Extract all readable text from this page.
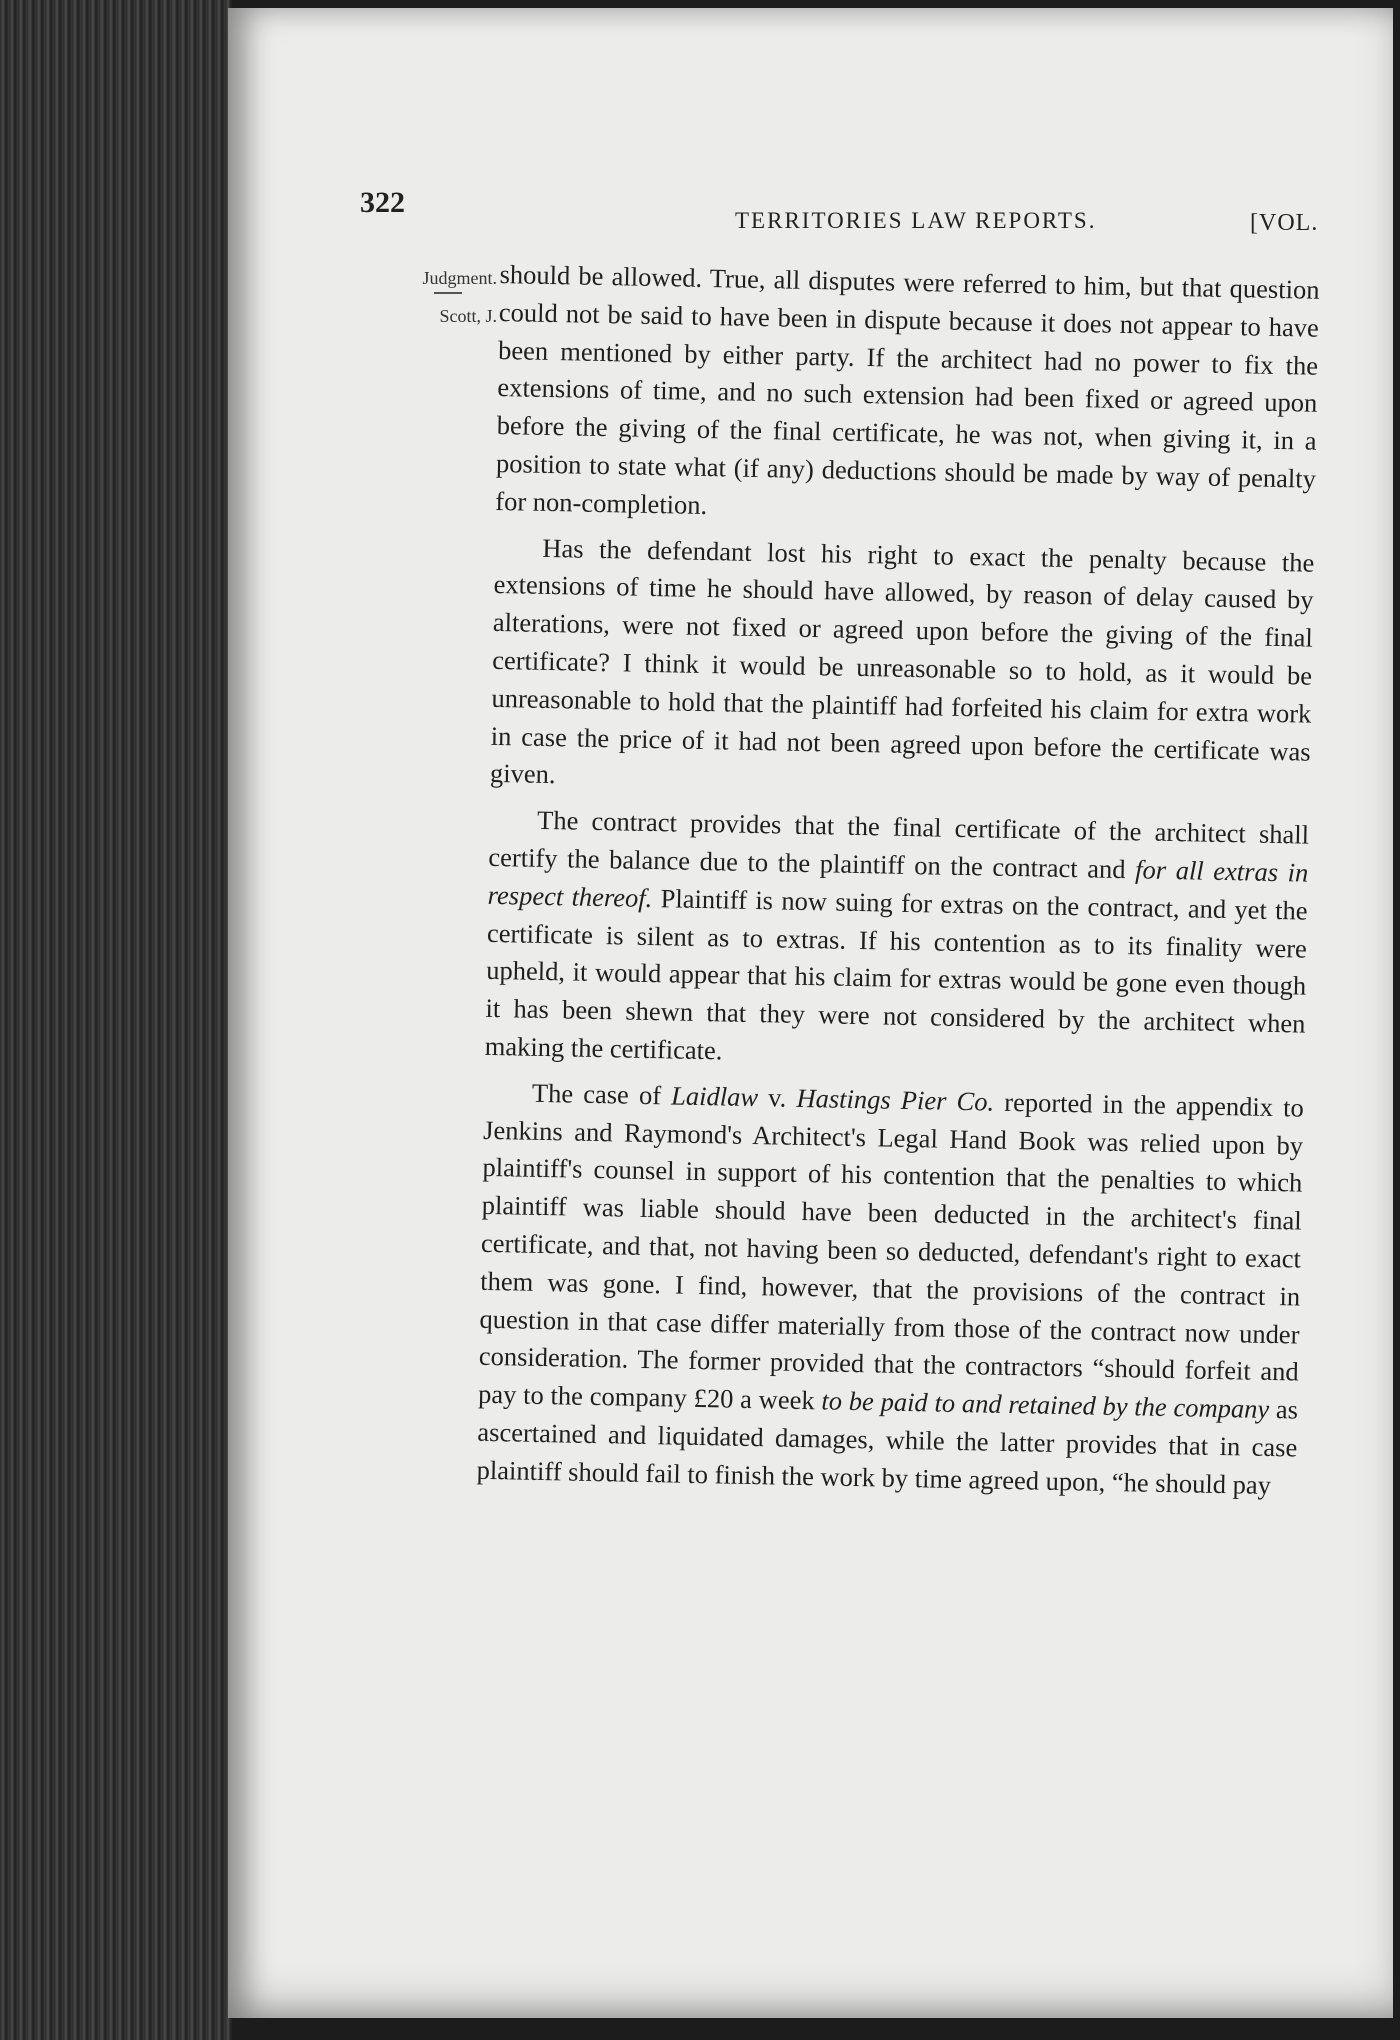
322
TERRITORIES LAW REPORTS.	[VOL.
Judgment.
Scott, J.

should be allowed. True, all disputes were referred to him, but that question could not be said to have been in dispute because it does not appear to have been mentioned by either party. If the architect had no power to fix the extensions of time, and no such extension had been fixed or agreed upon before the giving of the final certificate, he was not, when giving it, in a position to state what (if any) deductions should be made by way of penalty for non-completion.

Has the defendant lost his right to exact the penalty because the extensions of time he should have allowed, by reason of delay caused by alterations, were not fixed or agreed upon before the giving of the final certificate? I think it would be unreasonable so to hold, as it would be unreasonable to hold that the plaintiff had forfeited his claim for extra work in case the price of it had not been agreed upon before the certificate was given.

The contract provides that the final certificate of the architect shall certify the balance due to the plaintiff on the contract and for all extras in respect thereof. Plaintiff is now suing for extras on the contract, and yet the certificate is silent as to extras. If his contention as to its finality were upheld, it would appear that his claim for extras would be gone even though it has been shewn that they were not considered by the architect when making the certificate.

The case of Laidlaw v. Hastings Pier Co. reported in the appendix to Jenkins and Raymond's Architect's Legal Hand Book was relied upon by plaintiff's counsel in support of his contention that the penalties to which plaintiff was liable should have been deducted in the architect's final certificate, and that, not having been so deducted, defendant's right to exact them was gone. I find, however, that the provisions of the contract in question in that case differ materially from those of the contract now under consideration. The former provided that the contractors “should forfeit and pay to the company £20 a week to be paid to and retained by the company as ascertained and liquidated damages, while the latter provides that in case plaintiff should fail to finish the work by time agreed upon, “he should pay
